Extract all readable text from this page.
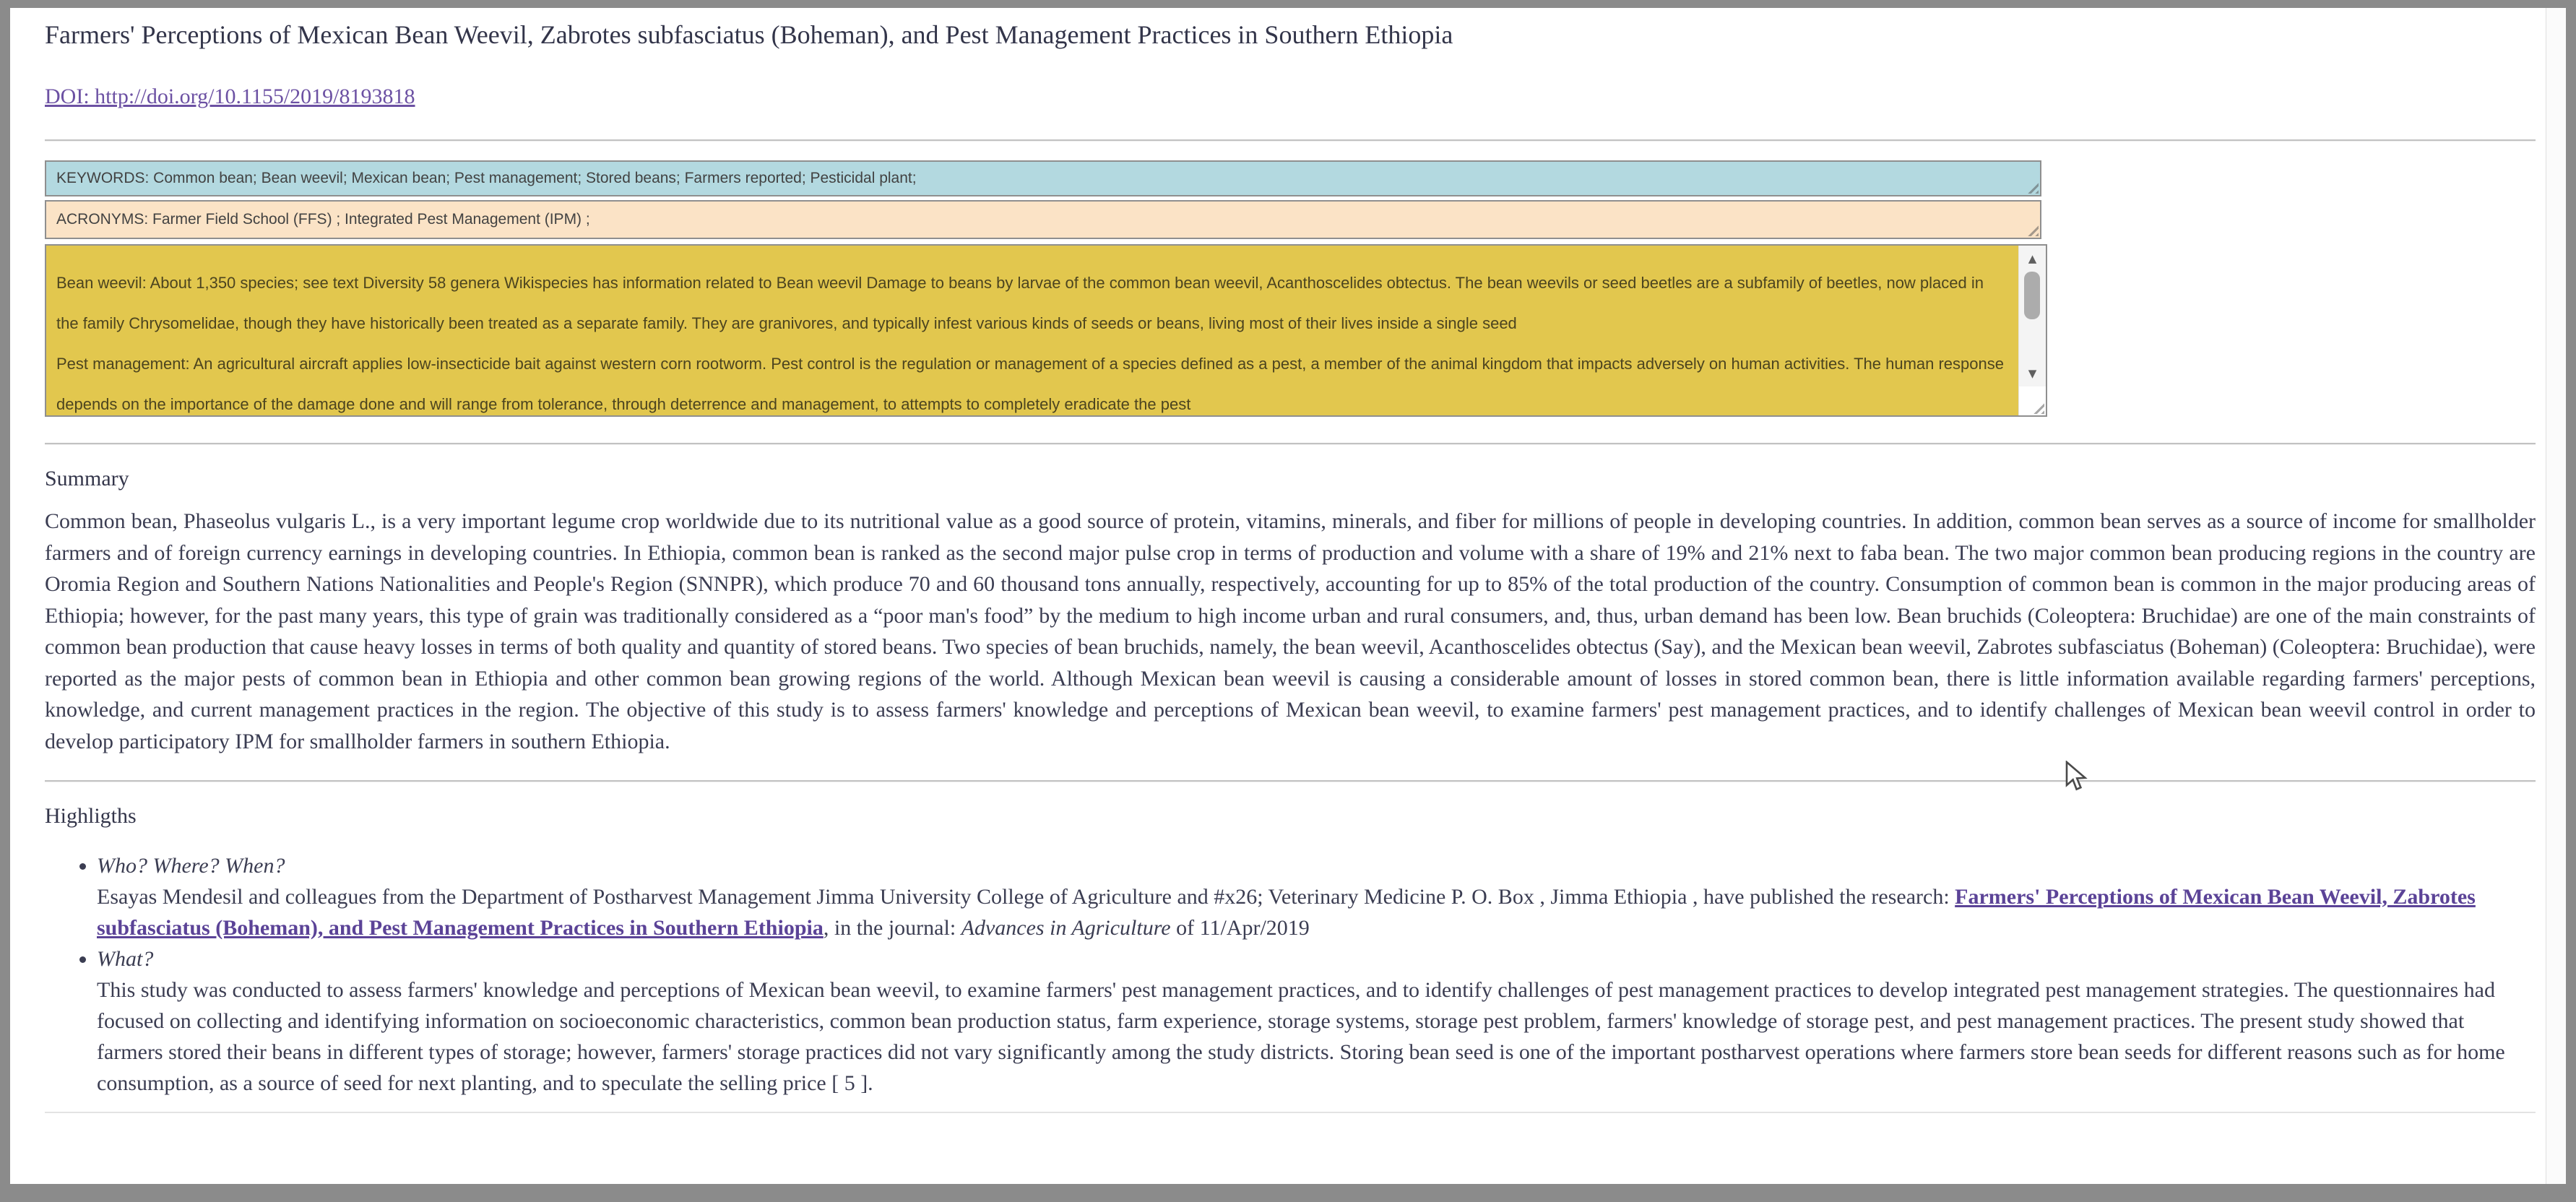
Farmers' Perceptions of Mexican Bean Weevil, Zabrotes subfasciatus (Boheman), and Pest Management Practices in Southern Ethiopia
DOI: http://doi.org/10.1155/2019/8193818
KEYWORDS: Common bean; Bean weevil; Mexican bean; Pest management; Stored beans; Farmers reported; Pesticidal plant;
ACRONYMS: Farmer Field School (FFS) ; Integrated Pest Management (IPM) ;

Bean weevil: About 1,350 species; see text Diversity 58 genera Wikispecies has information related to Bean weevil Damage to beans by larvae of the common bean weevil, Acanthoscelides obtectus. The bean weevils or seed beetles are a subfamily of beetles, now placed in the family Chrysomelidae, though they have historically been treated as a separate family. They are granivores, and typically infest various kinds of seeds or beans, living most of their lives inside a single seed

Pest management: An agricultural aircraft applies low-insecticide bait against western corn rootworm. Pest control is the regulation or management of a species defined as a pest, a member of the animal kingdom that impacts adversely on human activities. The human response depends on the importance of the damage done and will range from tolerance, through deterrence and management, to attempts to completely eradicate the pest

▲
▼
Summary

Common bean, Phaseolus vulgaris L., is a very important legume crop worldwide due to its nutritional value as a good source of protein, vitamins, minerals, and fiber for millions of people in developing countries. In addition, common bean serves as a source of income for smallholder farmers and of foreign currency earnings in developing countries. In Ethiopia, common bean is ranked as the second major pulse crop in terms of production and volume with a share of 19% and 21% next to faba bean. The two major common bean producing regions in the country are Oromia Region and Southern Nations Nationalities and People's Region (SNNPR), which produce 70 and 60 thousand tons annually, respectively, accounting for up to 85% of the total production of the country. Consumption of common bean is common in the major producing areas of Ethiopia; however, for the past many years, this type of grain was traditionally considered as a “poor man's food” by the medium to high income urban and rural consumers, and, thus, urban demand has been low. Bean bruchids (Coleoptera: Bruchidae) are one of the main constraints of common bean production that cause heavy losses in terms of both quality and quantity of stored beans. Two species of bean bruchids, namely, the bean weevil, Acanthoscelides obtectus (Say), and the Mexican bean weevil, Zabrotes subfasciatus (Boheman) (Coleoptera: Bruchidae), were reported as the major pests of common bean in Ethiopia and other common bean growing regions of the world. Although Mexican bean weevil is causing a considerable amount of losses in stored common bean, there is little information available regarding farmers' perceptions, knowledge, and current management practices in the region. The objective of this study is to assess farmers' knowledge and perceptions of Mexican bean weevil, to examine farmers' pest management practices, and to identify challenges of Mexican bean weevil control in order to develop participatory IPM for smallholder farmers in southern Ethiopia.

Highligths
• Who? Where? When?
Esayas Mendesil and colleagues from the Department of Postharvest Management Jimma University College of Agriculture and #x26; Veterinary Medicine P. O. Box , Jimma Ethiopia , have published the research: Farmers' Perceptions of Mexican Bean Weevil, Zabrotes subfasciatus (Boheman), and Pest Management Practices in Southern Ethiopia, in the journal: Advances in Agriculture of 11/Apr/2019
• What?
This study was conducted to assess farmers' knowledge and perceptions of Mexican bean weevil, to examine farmers' pest management practices, and to identify challenges of pest management practices to develop integrated pest management strategies. The questionnaires had focused on collecting and identifying information on socioeconomic characteristics, common bean production status, farm experience, storage systems, storage pest problem, farmers' knowledge of storage pest, and pest management practices. The present study showed that farmers stored their beans in different types of storage; however, farmers' storage practices did not vary significantly among the study districts. Storing bean seed is one of the important postharvest operations where farmers store bean seeds for different reasons such as for home consumption, as a source of seed for next planting, and to speculate the selling price [ 5 ].
